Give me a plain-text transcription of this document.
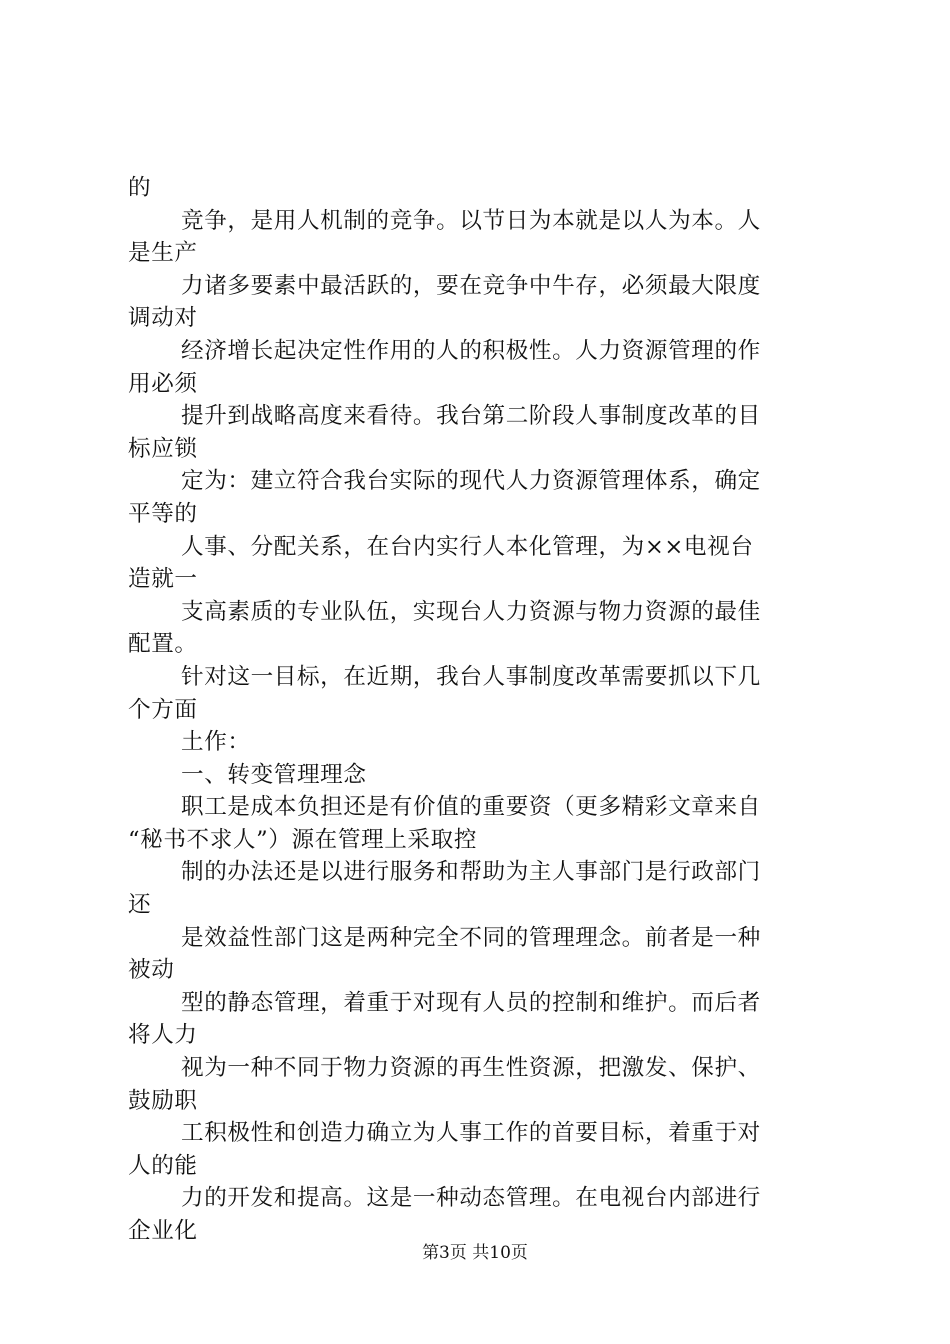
的
竞争，是用人机制的竞争。以节日为本就是以人为本。人
是生产
力诸多要素中最活跃的，要在竞争中牛存，必须最大限度
调动对
经济增长起决定性作用的人的积极性。人力资源管理的作
用必须
提升到战略高度来看待。我台第二阶段人事制度改革的目
标应锁
定为：建立符合我台实际的现代人力资源管理体系，确定
平等的
人事、分配关系，在台内实行人本化管理，为××电视台
造就一
支高素质的专业队伍，实现台人力资源与物力资源的最佳
配置。
针对这一目标，在近期，我台人事制度改革需要抓以下几
个方面
土作：
一、转变管理理念
职工是成本负担还是有价值的重要资（更多精彩文章来自
“秘书不求人”）源在管理上采取控
制的办法还是以进行服务和帮助为主人事部门是行政部门
还
是效益性部门这是两种完全不同的管理理念。前者是一种
被动
型的静态管理，着重于对现有人员的控制和维护。而后者
将人力
视为一种不同于物力资源的再生性资源，把激发、保护、
鼓励职
工积极性和创造力确立为人事工作的首要目标，着重于对
人的能
力的开发和提高。这是一种动态管理。在电视台内部进行
企业化
第3页 共10页
